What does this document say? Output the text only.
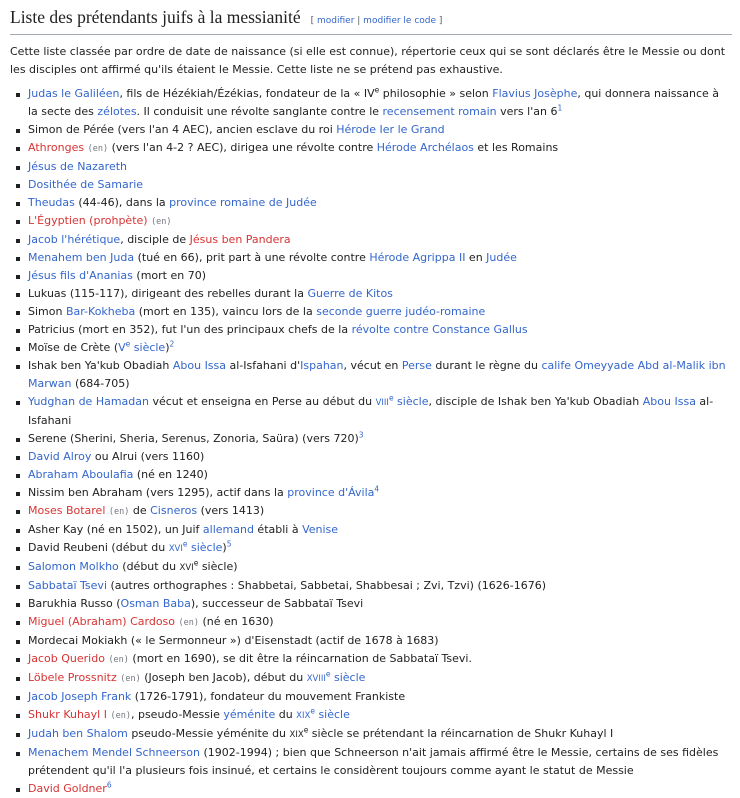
Liste des prétendants juifs à la messianité [ modifier | modifier le code ]

Cette liste classée par ordre de date de naissance (si elle est connue), répertorie ceux qui se sont déclarés être le Messie ou dont les disciples ont affirmé qu'ils étaient le Messie. Cette liste ne se prétend pas exhaustive.

Judas le Galiléen, fils de Hézékiah/Ézékias, fondateur de la « IVe philosophie » selon Flavius Josèphe, qui donnera naissance à la secte des zélotes. Il conduisit une révolte sanglante contre le recensement romain vers l'an $6^1$
Simon de Pérée (vers l'an 4 AEC), ancien esclave du roi Hérode Ier le Grand
Athronges (en) (vers l'an 4-2 ? AEC), dirigea une révolte contre Hérode Archélaos et les Romains
Jésus de Nazareth
Dosithée de Samarie
Theudas (44-46), dans la province romaine de Judée
L'Égyptien (prohpète) (en)
Jacob l'hérétique, disciple de Jésus ben Pandera
Menahem ben Juda (tué en 66), prit part à une révolte contre Hérode Agrippa II en Judée
Jésus fils d'Ananias (mort en 70)
Lukuas (115-117), dirigeant des rebelles durant la Guerre de Kitos
Simon Bar-Kokheba (mort en 135), vaincu lors de la seconde guerre judéo-romaine
Patricius (mort en 352), fut l'un des principaux chefs de la révolte contre Constance Gallus
Moïse de Crète (Ve siècle)$^2$
Ishak ben Ya'kub Obadiah Abou Issa al-Isfahani d'Ispahan, vécut en Perse durant le règne du calife Omeyyade Abd al-Malik ibn Marwan (684-705)
Yudghan de Hamadan vécut et enseigna en Perse au début du VIIIe siècle, disciple de Ishak ben Ya'kub Obadiah Abou Issa al-Isfahani
Serene (Sherini, Sheria, Serenus, Zonoria, Saüra) (vers 720)$^3$
David Alroy ou Alrui (vers 1160)
Abraham Aboulafia (né en 1240)
Nissim ben Abraham (vers 1295), actif dans la province d'Ávila$^4$
Moses Botarel (en) de Cisneros (vers 1413)
Asher Kay (né en 1502), un Juif allemand établi à Venise
David Reubeni (début du XVIe siècle)$^5$
Salomon Molkho (début du XVIe siècle)
Sabbataï Tsevi (autres orthographes : Shabbetai, Sabbetai, Shabbesai ; Zvi, Tzvi) (1626-1676)
Barukhia Russo (Osman Baba), successeur de Sabbataï Tsevi
Miguel (Abraham) Cardoso (en) (né en 1630)
Mordecai Mokiakh (« le Sermonneur ») d'Eisenstadt (actif de 1678 à 1683)
Jacob Querido (en) (mort en 1690), se dit être la réincarnation de Sabbataï Tsevi.
Löbele Prossnitz (en) (Joseph ben Jacob), début du XVIIIe siècle
Jacob Joseph Frank (1726-1791), fondateur du mouvement Frankiste
Shukr Kuhayl I (en), pseudo-Messie yéménite du XIXe siècle
Judah ben Shalom pseudo-Messie yéménite du XIXe siècle se prétendant la réincarnation de Shukr Kuhayl I
Menachem Mendel Schneerson (1902-1994) ; bien que Schneerson n'ait jamais affirmé être le Messie, certains de ses fidèles prétendent qu'il l'a plusieurs fois insinué, et certains le considèrent toujours comme ayant le statut de Messie
David Goldner$^6$
